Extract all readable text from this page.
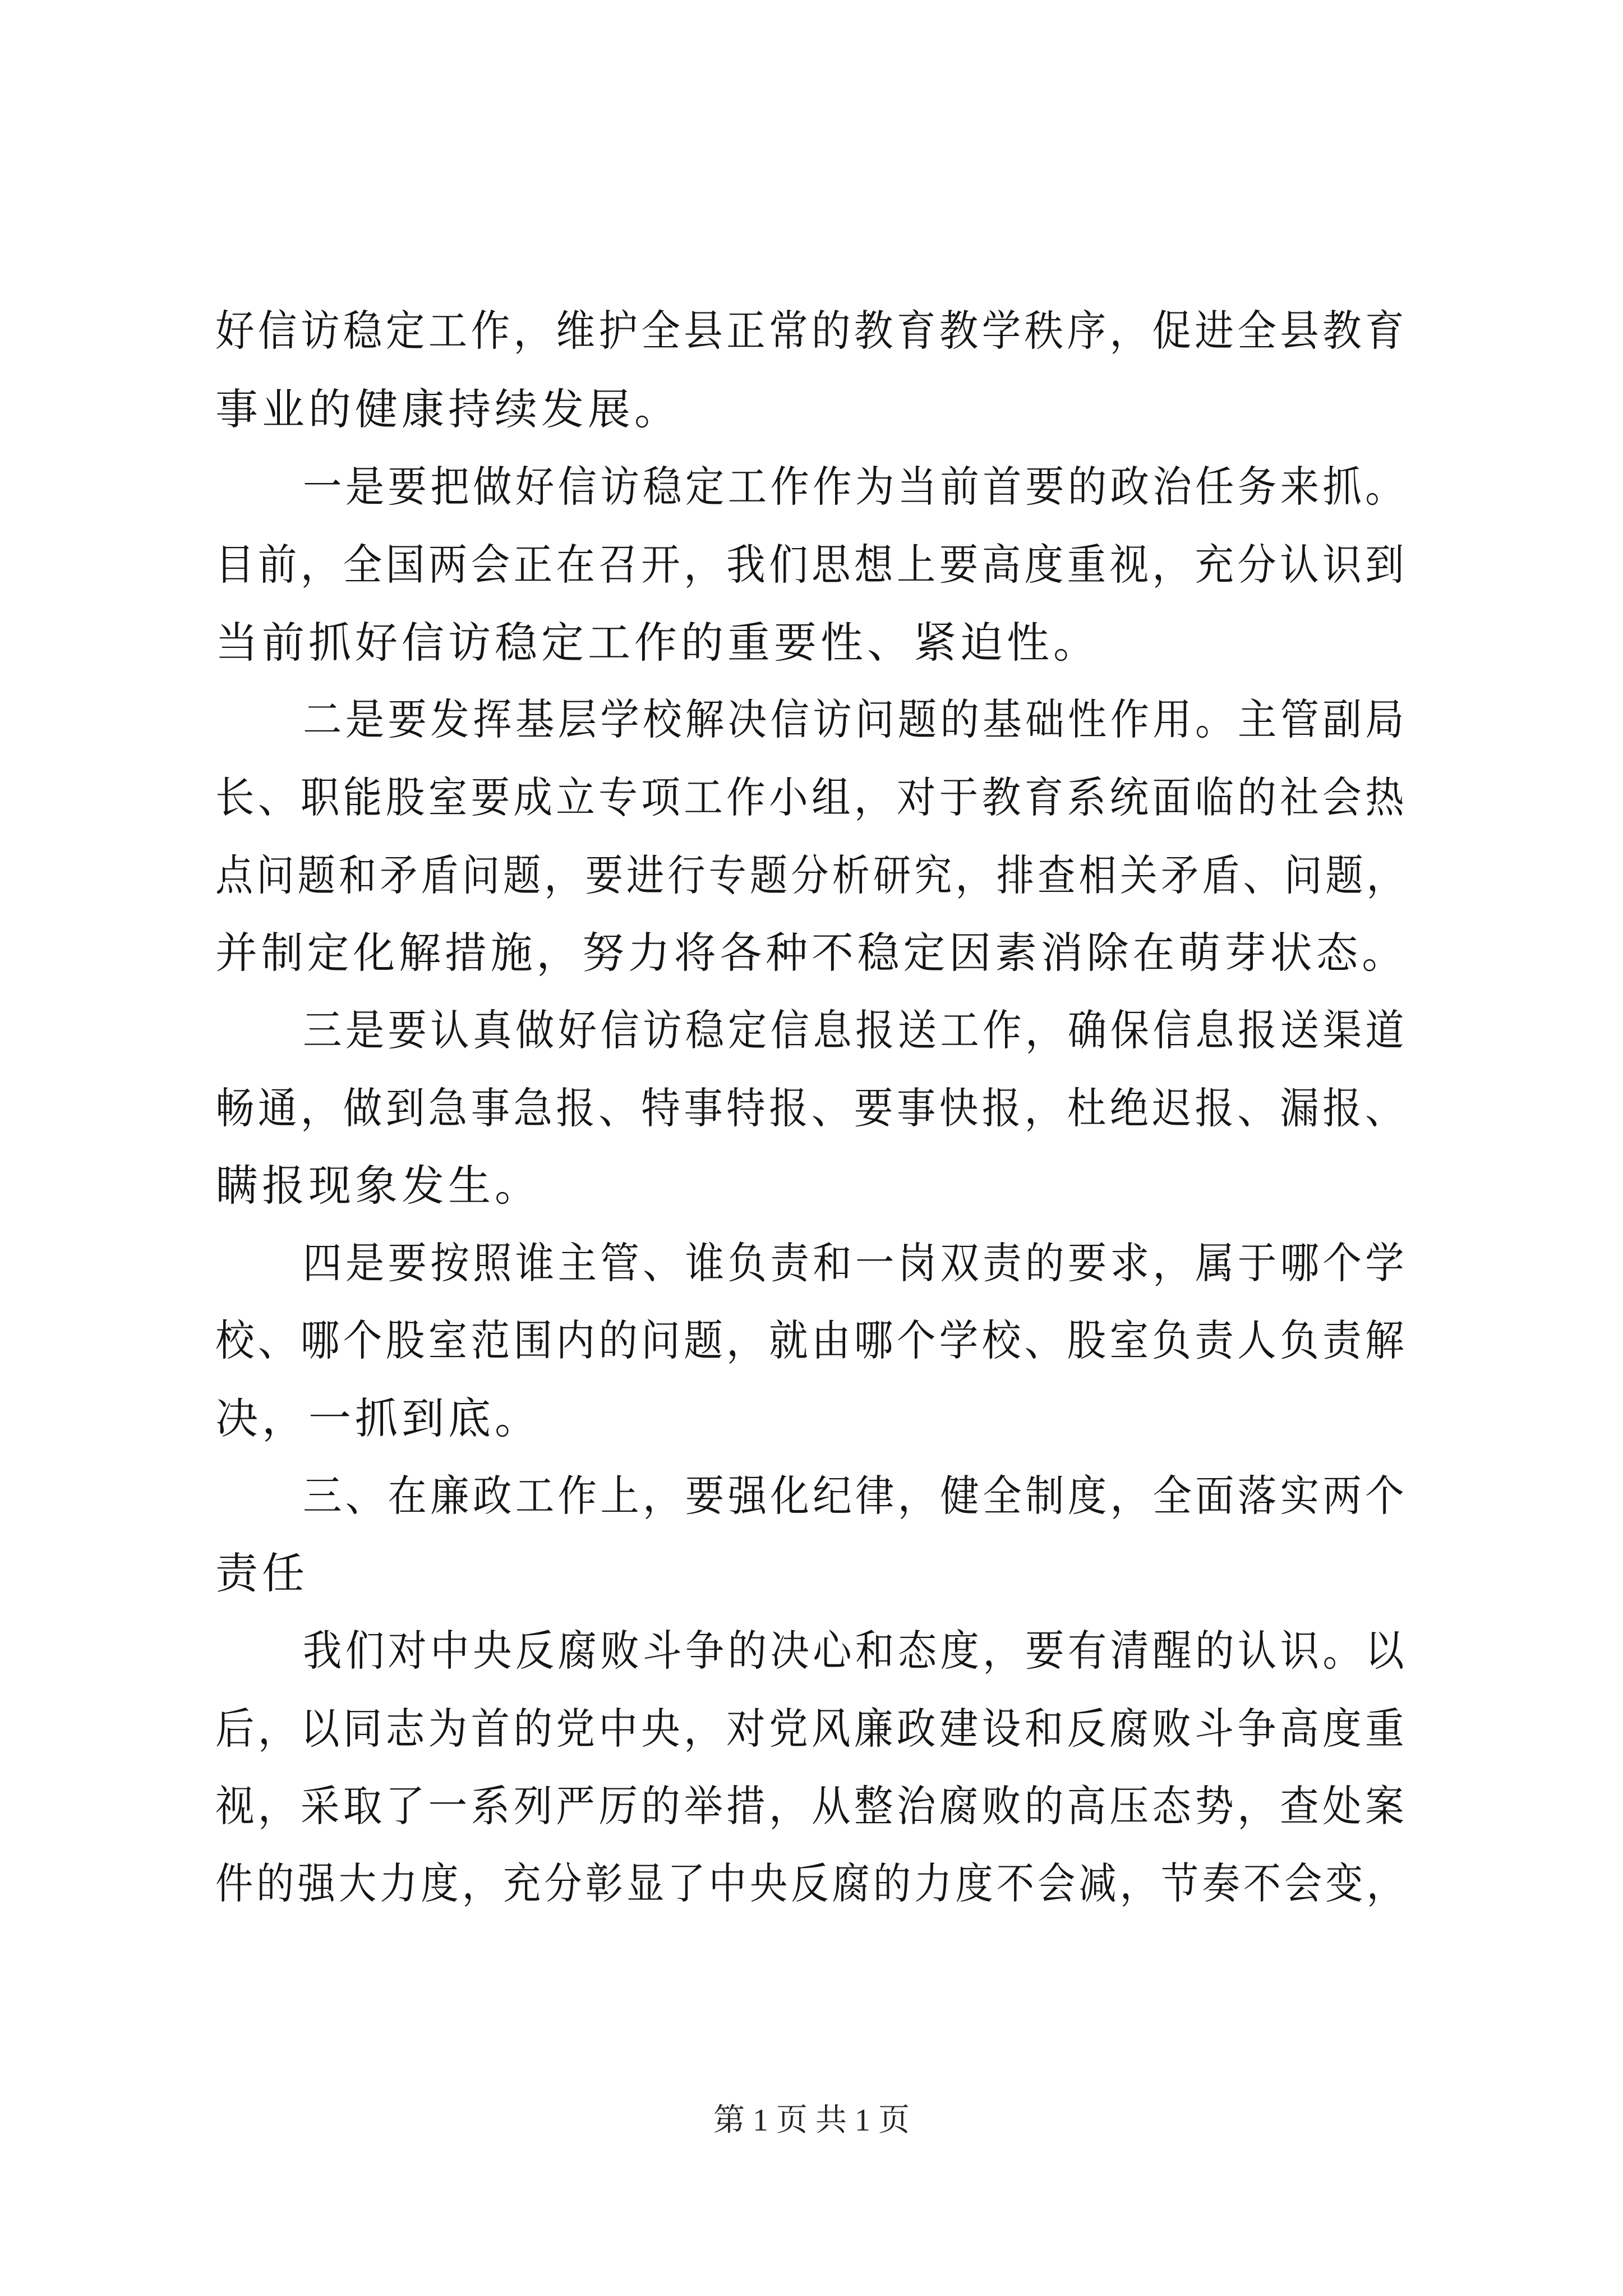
好信访稳定工作，维护全县正常的教育教学秩序，促进全县教育
事业的健康持续发展。
一是要把做好信访稳定工作作为当前首要的政治任务来抓。
目前，全国两会正在召开，我们思想上要高度重视，充分认识到
当前抓好信访稳定工作的重要性、紧迫性。
二是要发挥基层学校解决信访问题的基础性作用。主管副局
长、职能股室要成立专项工作小组，对于教育系统面临的社会热
点问题和矛盾问题，要进行专题分析研究，排查相关矛盾、问题，
并制定化解措施，努力将各种不稳定因素消除在萌芽状态。
三是要认真做好信访稳定信息报送工作，确保信息报送渠道
畅通，做到急事急报、特事特报、要事快报，杜绝迟报、漏报、
瞒报现象发生。
四是要按照谁主管、谁负责和一岗双责的要求，属于哪个学
校、哪个股室范围内的问题，就由哪个学校、股室负责人负责解
决，一抓到底。
三、在廉政工作上，要强化纪律，健全制度，全面落实两个
责任
我们对中央反腐败斗争的决心和态度，要有清醒的认识。以
后，以同志为首的党中央，对党风廉政建设和反腐败斗争高度重
视，采取了一系列严厉的举措，从整治腐败的高压态势，查处案
件的强大力度，充分彰显了中央反腐的力度不会减，节奏不会变，
第 1 页 共 1 页
